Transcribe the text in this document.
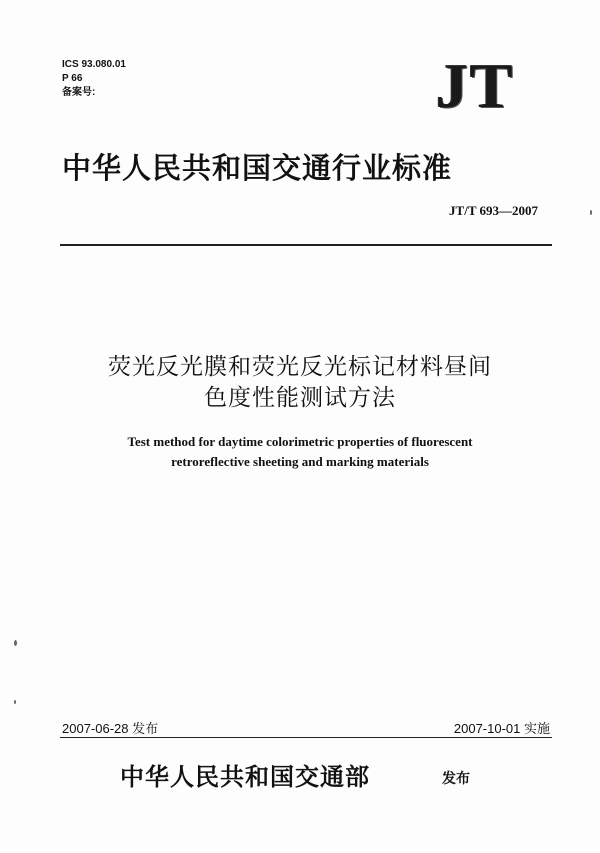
ICS 93.080.01
P 66
备案号:	JT
中华人民共和国交通行业标准
JT/T 693—2007
荧光反光膜和荧光反光标记材料昼间
色度性能测试方法
Test method for daytime colorimetric properties of fluorescent
retroreflective sheeting and marking materials
2007-06-28 发布	2007-10-01 实施
中华人民共和国交通部	发布
